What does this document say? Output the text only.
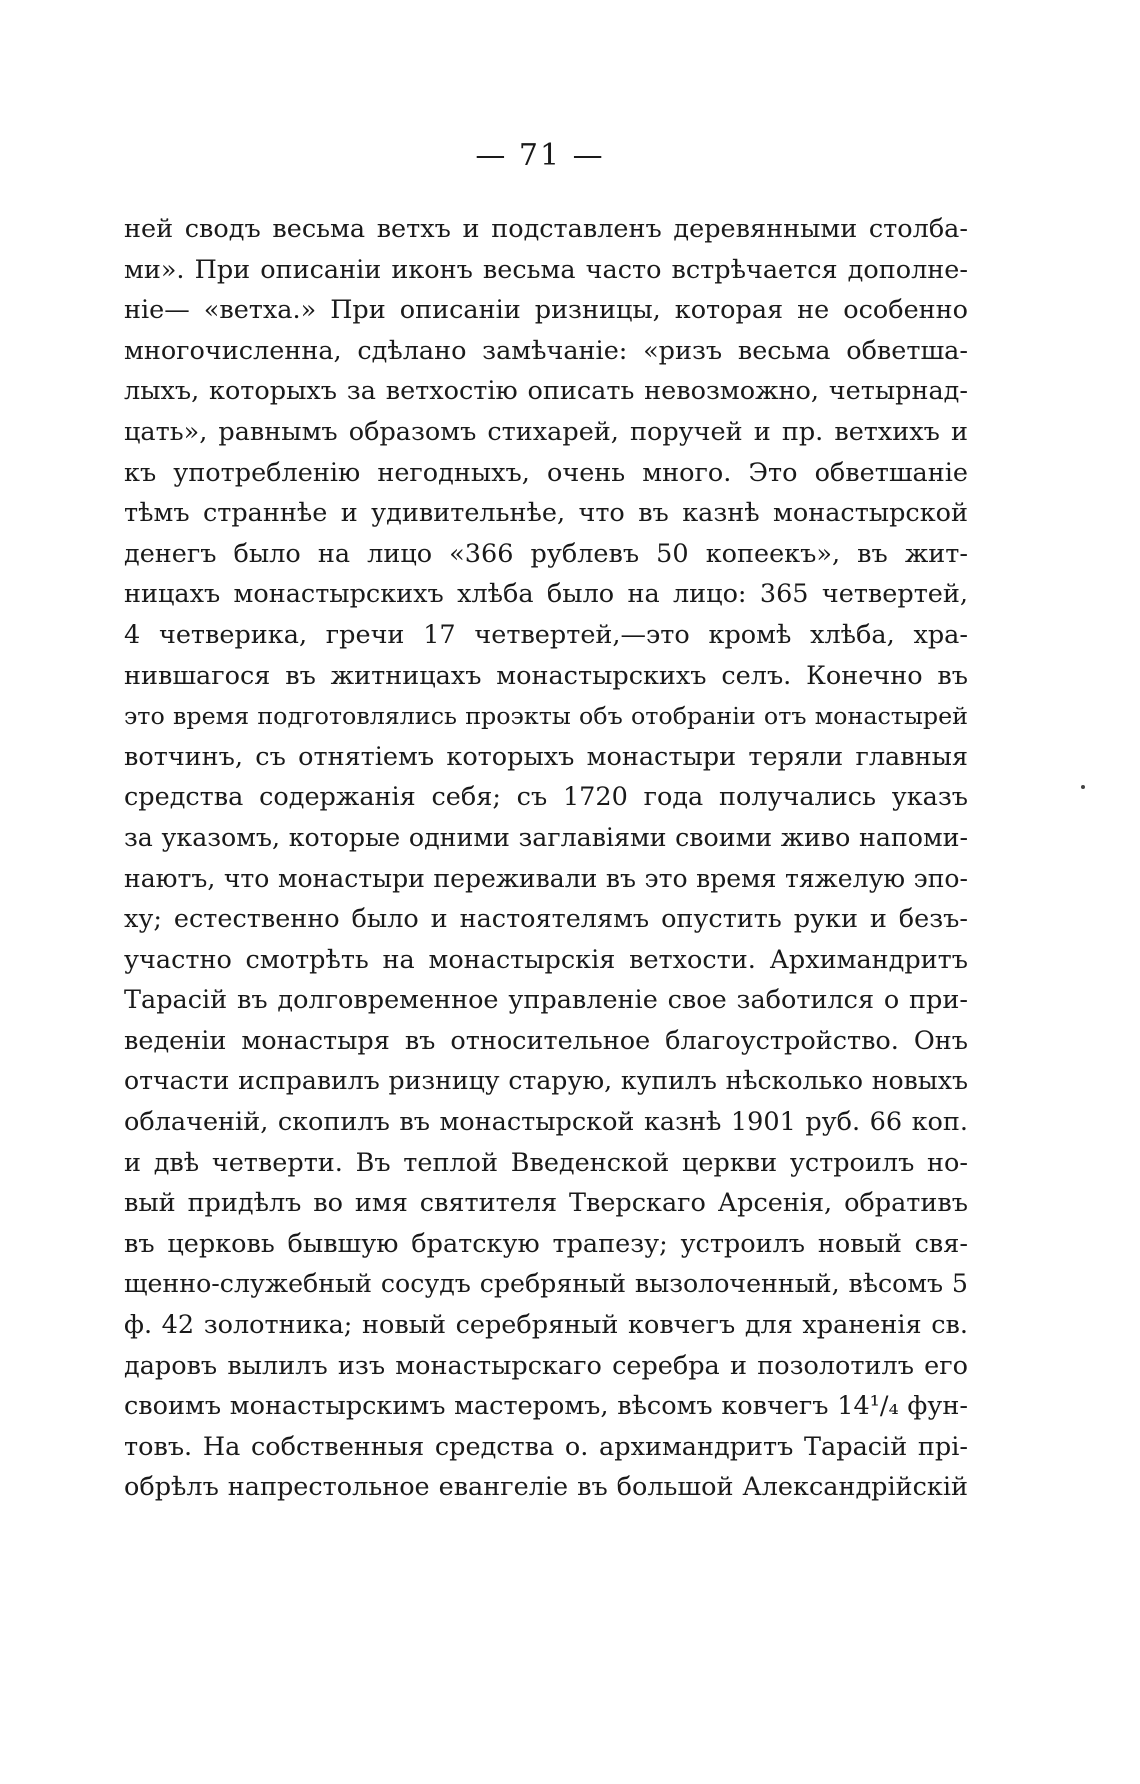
— 71 —
ней сводъ весьма ветхъ и подставленъ деревянными столба-
ми». При описаніи иконъ весьма часто встрѣчается дополне-
ніе— «ветха.» При описаніи ризницы, которая не особенно
многочисленна, сдѣлано замѣчаніе: «ризъ весьма обветша-
лыхъ, которыхъ за ветхостію описать невозможно, четырнад-
цать», равнымъ образомъ стихарей, поручей и пр. ветхихъ и
къ употребленію негодныхъ, очень много. Это обветшаніе
тѣмъ страннѣе и удивительнѣе, что въ казнѣ монастырской
денегъ было на лицо «366 рублевъ 50 копеекъ», въ жит-
ницахъ монастырскихъ хлѣба было на лицо: 365 четвертей,
4 четверика, гречи 17 четвертей,—это кромѣ хлѣба, хра-
нившагося въ житницахъ монастырскихъ селъ. Конечно въ
это время подготовлялись проэкты объ отобраніи отъ монастырей
вотчинъ, съ отнятіемъ которыхъ монастыри теряли главныя
средства содержанія себя; съ 1720 года получались указъ
за указомъ, которые одними заглавіями своими живо напоми-
наютъ, что монастыри переживали въ это время тяжелую эпо-
ху; естественно было и настоятелямъ опустить руки и безъ-
участно смотрѣть на монастырскія ветхости. Архимандритъ
Тарасій въ долговременное управленіе свое заботился о при-
веденіи монастыря въ относительное благоустройство. Онъ
отчасти исправилъ ризницу старую, купилъ нѣсколько новыхъ
облаченій, скопилъ въ монастырской казнѣ 1901 руб. 66 коп.
и двѣ четверти. Въ теплой Введенской церкви устроилъ но-
вый придѣлъ во имя святителя Тверскаго Арсенія, обративъ
въ церковь бывшую братскую трапезу; устроилъ новый свя-
щенно-служебный сосудъ сребряный вызолоченный, вѣсомъ 5
ф. 42 золотника; новый серебряный ковчегъ для храненія св.
даровъ вылилъ изъ монастырскаго серебра и позолотилъ его
своимъ монастырскимъ мастеромъ, вѣсомъ ковчегъ 14¹/₄ фун-
товъ. На собственныя средства о. архимандритъ Тарасій прі-
обрѣлъ напрестольное евангеліе въ большой Александрійскій
